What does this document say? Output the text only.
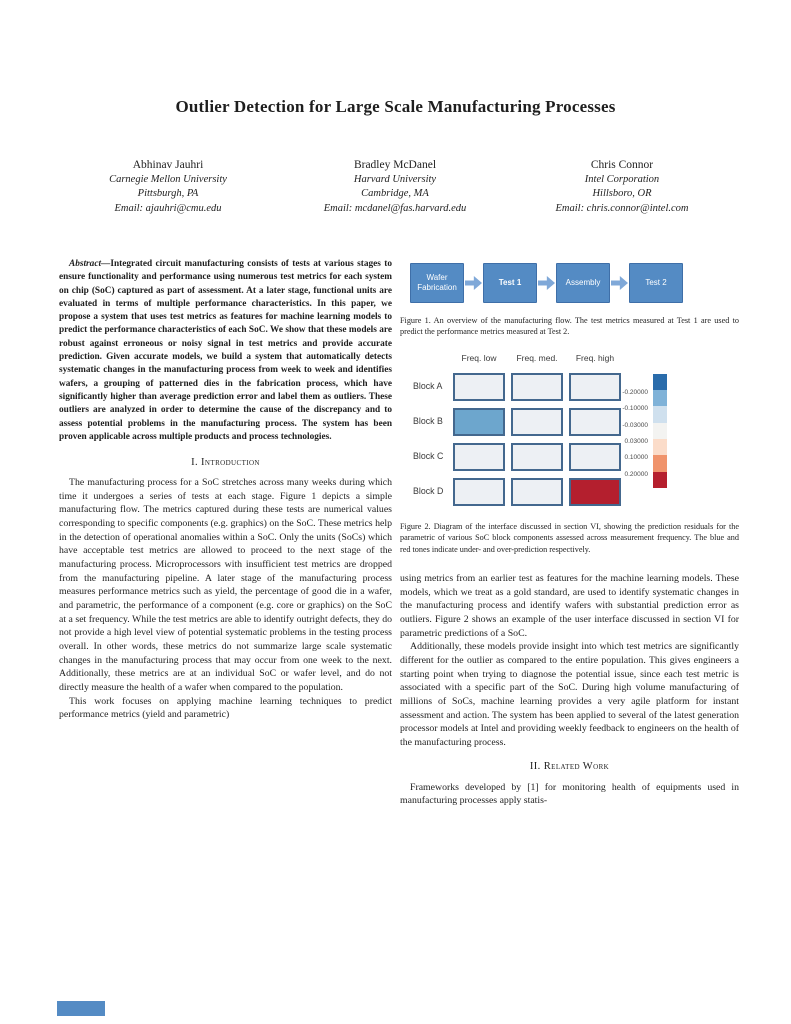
Outlier Detection for Large Scale Manufacturing Processes
Abhinav Jauhri
Carnegie Mellon University
Pittsburgh, PA
Email: ajauhri@cmu.edu
Bradley McDanel
Harvard University
Cambridge, MA
Email: mcdanel@fas.harvard.edu
Chris Connor
Intel Corporation
Hillsboro, OR
Email: chris.connor@intel.com

Abstract—Integrated circuit manufacturing consists of tests at various stages to ensure functionality and performance using numerous test metrics for each system on chip (SoC) captured as part of assessment. At a later stage, functional units are evaluated in terms of multiple performance characteristics. In this paper, we propose a system that uses test metrics as features for machine learning models to predict the performance characteristics of each SoC. We show that these models are robust against erroneous or noisy signal in test metrics and provide accurate prediction. Given accurate models, we build a system that automatically detects systematic changes in the manufacturing process from week to week and identifies wafers, a grouping of patterned dies in the fabrication process, which have significantly higher than average prediction error and label them as outliers. These outliers are analyzed in order to determine the cause of the discrepancy and to assess potential problems in the manufacturing process. The system has been proven applicable across multiple products and process technologies.

I. Introduction

The manufacturing process for a SoC stretches across many weeks during which time it undergoes a series of tests at each stage. Figure 1 depicts a simple manufacturing flow. The metrics captured during these tests are numerical values corresponding to specific components (e.g. graphics) on the SoC. These metrics help in the detection of operational anomalies within a SoC. Only the units (SoCs) which have acceptable test metrics are allowed to proceed to the next stage of the manufacturing process. Microprocessors with insufficient test metrics are dropped from the manufacturing pipeline. A later stage of the manufacturing process measures performance metrics such as yield, the percentage of good die in a wafer, and parametric, the performance of a component (e.g. core or graphics) on the SoC at a set frequency. While the test metrics are able to identify outright defects, they do not provide a high level view of potential systematic problems in the testing process overall. In other words, these metrics do not summarize large scale systematic changes in the manufacturing process that may occur from one week to the next. Additionally, these metrics are at an individual SoC or wafer level, and do not directly measure the health of a wafer when compared to the population.

This work focuses on applying machine learning techniques to predict performance metrics (yield and parametric)

Wafer Fabrication
Test 1	Assembly	Test 2

Figure 1. An overview of the manufacturing flow. The test metrics measured at Test 1 are used to predict the performance metrics measured at Test 2.

Freq. low	Freq. med.	Freq. high
Block A
Block B
Block C
Block D
-0.20000
-0.10000
-0.03000
0.03000
0.10000
0.20000

Figure 2. Diagram of the interface discussed in section VI, showing the prediction residuals for the parametric of various SoC block components assessed across measurement frequency. The blue and red tones indicate under- and over-prediction respectively.

using metrics from an earlier test as features for the machine learning models. These models, which we treat as a gold standard, are used to identify systematic changes in the manufacturing process and identify wafers with substantial prediction error as outliers. Figure 2 shows an example of the user interface discussed in section VI for parametric predictions of a SoC.

Additionally, these models provide insight into which test metrics are significantly different for the outlier as compared to the entire population. This gives engineers a starting point when trying to diagnose the potential issue, since each test metric is associated with a specific part of the SoC. During high volume manufacturing of millions of SoCs, machine learning provides a very agile platform for instant assessment and action. The system has been applied to several of the latest generation processor models at Intel and providing weekly feedback to engineers on the health of the manufacturing process.

II. Related Work

Frameworks developed by [1] for monitoring health of equipments used in manufacturing processes apply statis-
